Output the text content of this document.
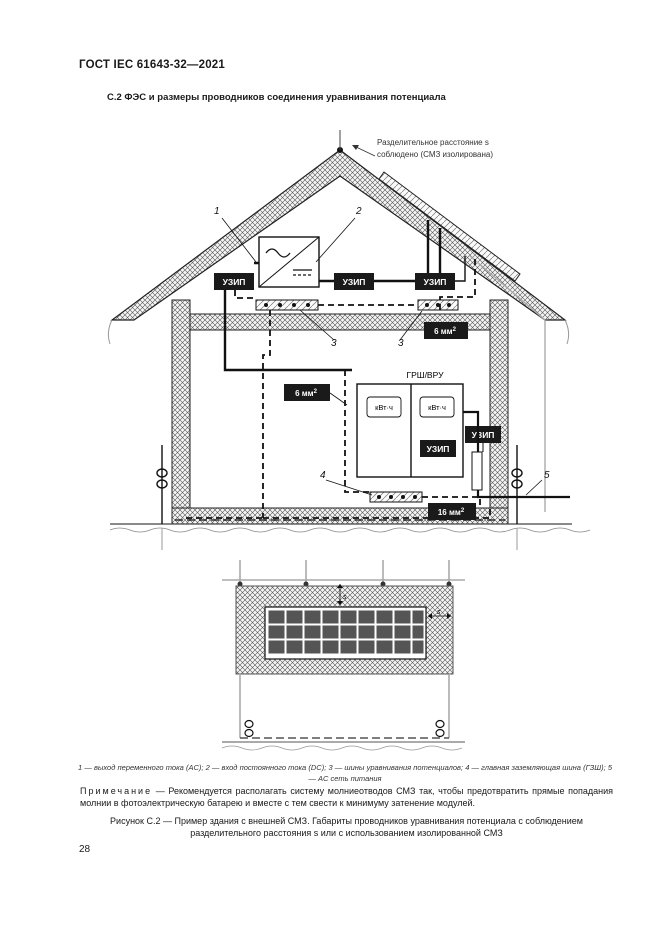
ГОСТ IEC 61643-32—2021
С.2 ФЭС и размеры проводников соединения уравнивания потенциала
Разделительное расстояние s
соблюдено (СМЗ изолирована)
УЗИП	УЗИП	УЗИП
ГРШ/ВРУ
кВт·ч	кВт·ч
УЗИП
УЗИП
6 $мм^2$
6 $мм^2$
16 $мм^2$
1	2
3	3
4	5
s
s
1 — выход переменного тока (AC); 2 — вход постоянного тока (DC); 3 — шины уравнивания потенциалов; 4 — главная заземляющая шина (ГЗШ); 5 — AC сеть питания
Примечание — Рекомендуется располагать систему молниеотводов СМЗ так, чтобы предотвратить прямые попадания молнии в фотоэлектрическую батарею и вместе с тем свести к минимуму затенение модулей.
Рисунок С.2 — Пример здания с внешней СМЗ. Габариты проводников уравнивания потенциала с соблюдением разделительного расстояния s или с использованием изолированной СМЗ
28
